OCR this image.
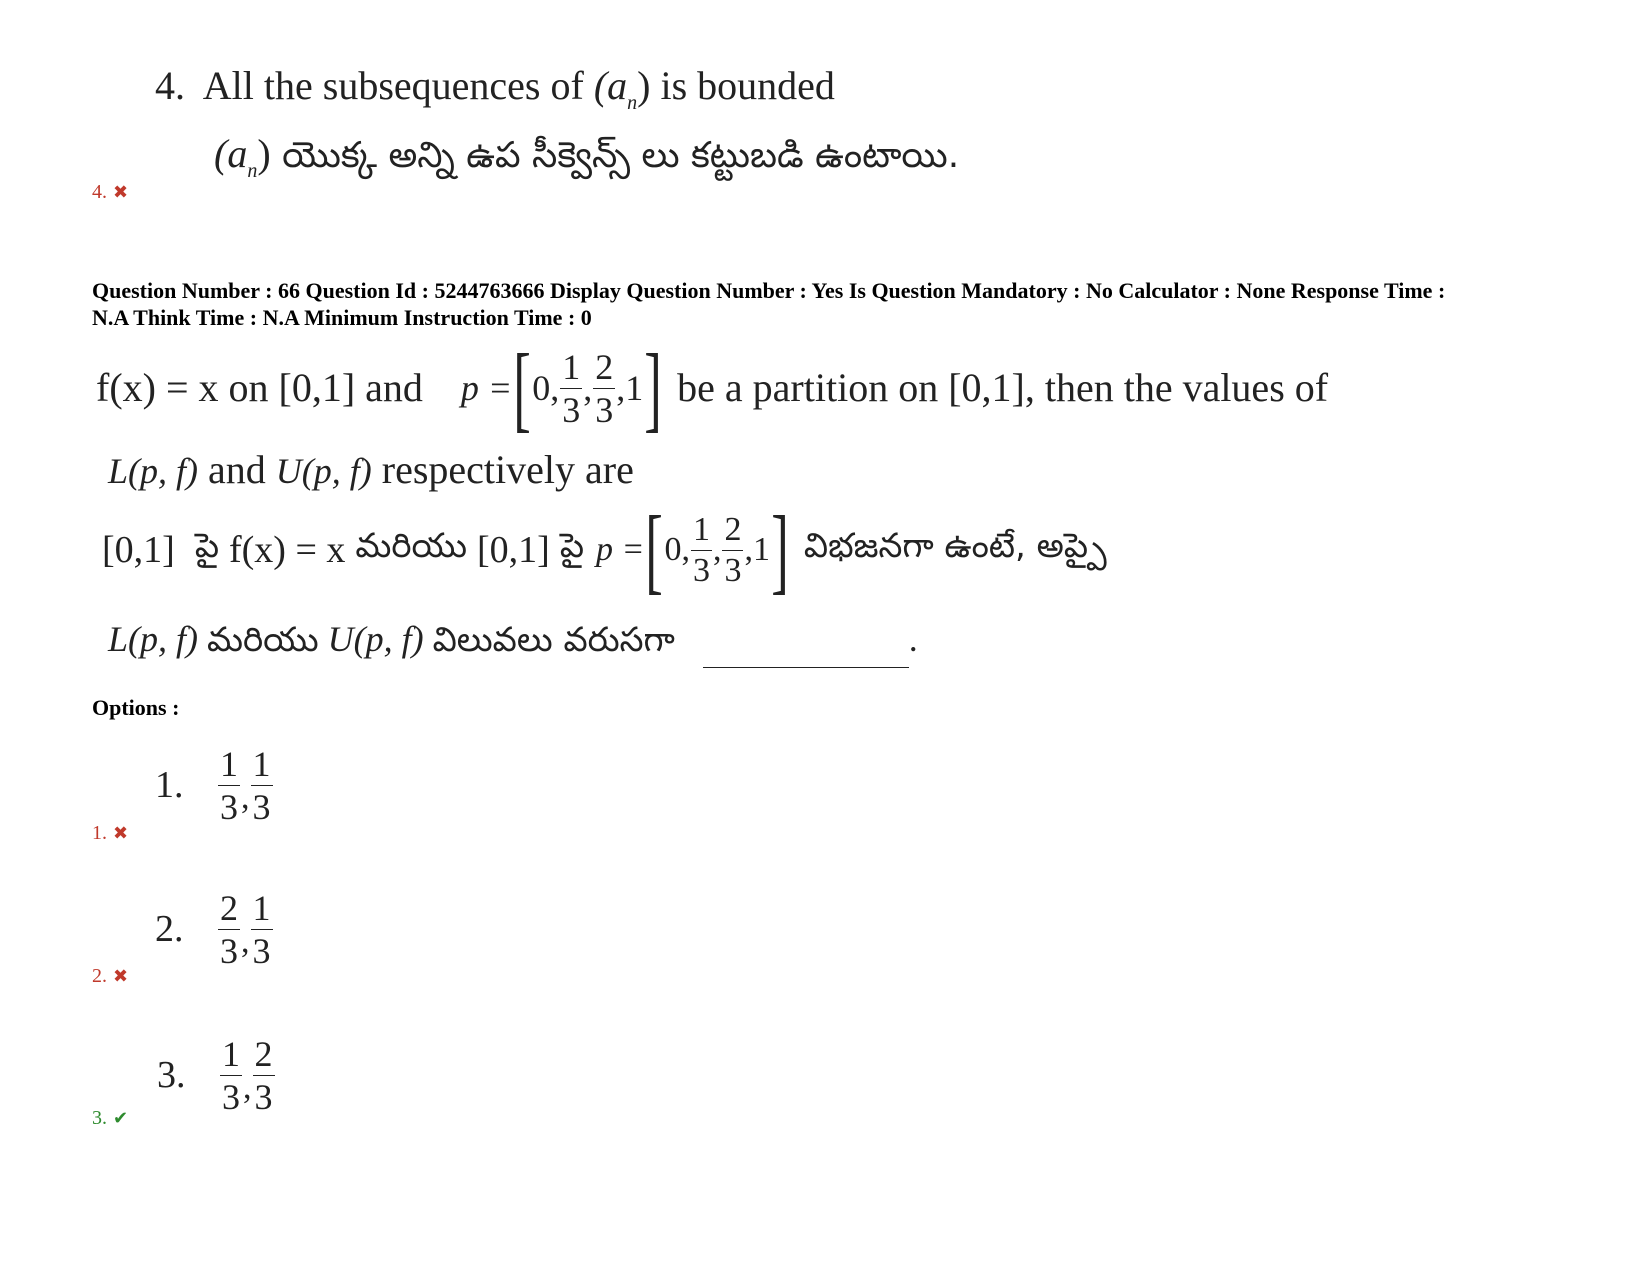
4. All the subsequences of $(a_n)$ is bounded
$(a_n)$ యొక్క అన్ని ఉప సీక్వెన్స్ లు కట్టుబడి ఉంటాయి.
4. ✖
Question Number : 66 Question Id : 5244763666 Display Question Number : Yes Is Question Mandatory : No Calculator : None Response Time :
N.A Think Time : N.A Minimum Instruction Time : 0
f(x) = x on [0,1] and p = [ 0, $\frac{1}{3}$ , $\frac{2}{3} ,1$ ] be a partition on [0,1], then the values of
L(p, f) and U(p, f) respectively are
[0,1] పై f(x) = x మరియు [0,1] పై p = [ 0, $\frac{1}{3}$ , $\frac{2}{3} ,1$ ] విభజనగా ఉంటే, అప్పై
L(p, f) మరియు U(p, f) విలువలు వరుసగా	.
Options :
1. $\frac{1}{3}$ , $\frac{1}{3}$
1. ✖
2. $\frac{2}{3}$ , $\frac{1}{3}$
2. ✖
3. $\frac{1}{3}$ , $\frac{2}{3}$
3. ✔
